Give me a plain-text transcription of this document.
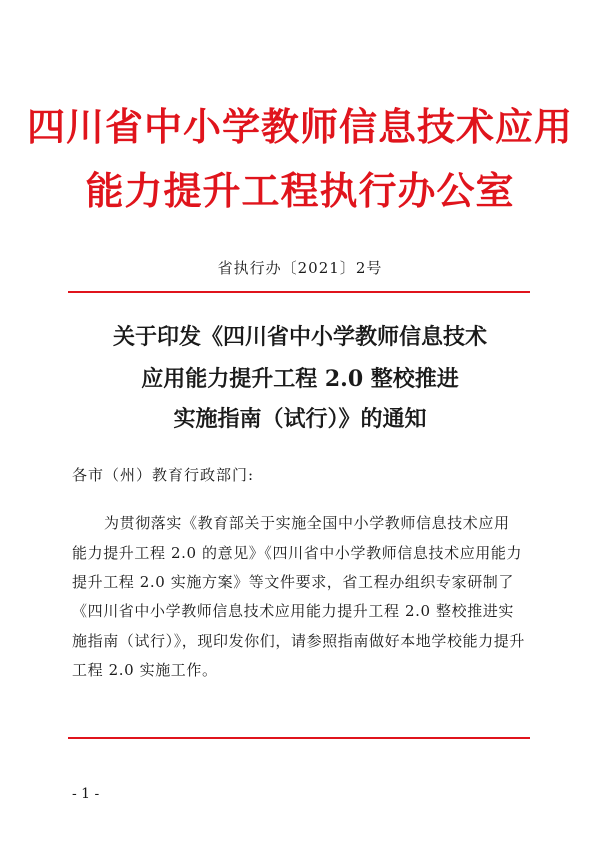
四川省中小学教师信息技术应用
能力提升工程执行办公室
省执行办〔2021〕2号
关于印发《四川省中小学教师信息技术
应用能力提升工程 2.0 整校推进
实施指南（试行）》的通知
各市（州）教育行政部门:
为贯彻落实《教育部关于实施全国中小学教师信息技术应用
能力提升工程 2.0 的意见》《四川省中小学教师信息技术应用能力
提升工程 2.0 实施方案》等文件要求，省工程办组织专家研制了
《四川省中小学教师信息技术应用能力提升工程 2.0 整校推进实
施指南（试行）》，现印发你们，请参照指南做好本地学校能力提升
工程 2.0 实施工作。
- 1 -
